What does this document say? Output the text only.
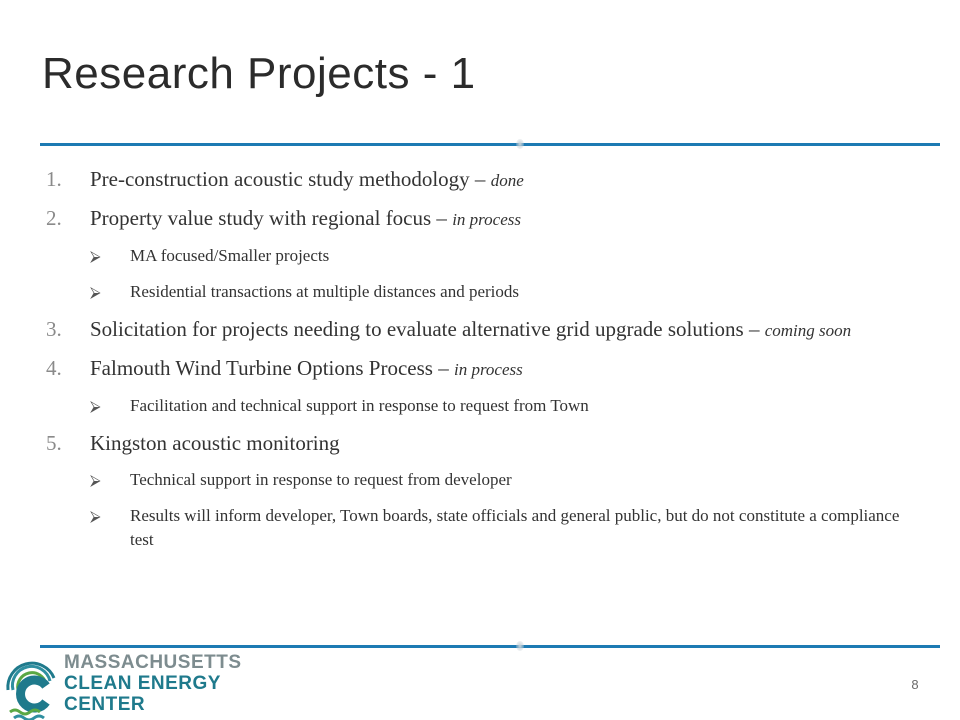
Research Projects - 1
1.	Pre-construction acoustic study methodology – done
2.	Property value study with regional focus – in process
⮚	MA focused/Smaller projects
⮚	Residential transactions at multiple distances and periods
3.	Solicitation for projects needing to evaluate alternative grid upgrade solutions – coming soon
4.	Falmouth Wind Turbine Options Process – in process
⮚	Facilitation and technical support in response to request from Town
5.	Kingston acoustic monitoring
⮚	Technical support in response to request from developer
⮚	Results will inform developer, Town boards, state officials and general public, but do not constitute a compliance test
MASSACHUSETTS
CLEAN ENERGY
CENTER
8
